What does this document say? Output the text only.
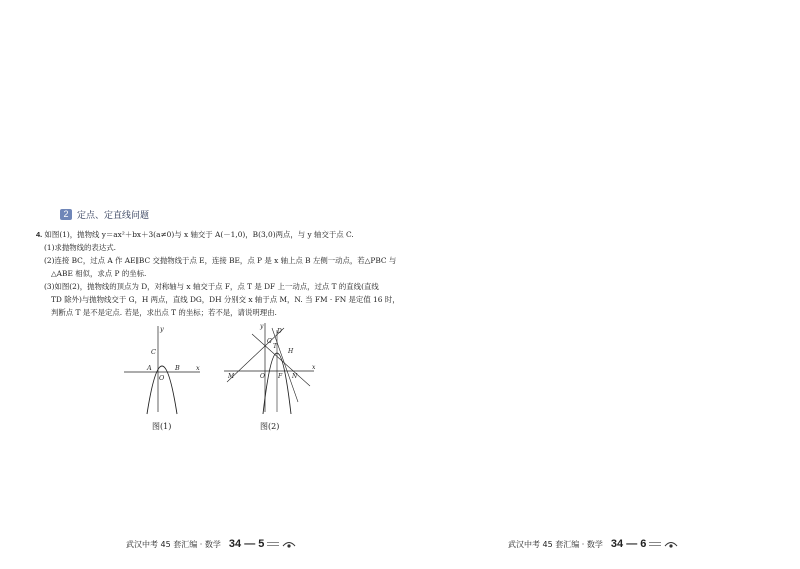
2 定点、定直线问题

4. 如图(1)，抛物线 y＝ax²＋bx＋3(a≠0)与 x 轴交于 A(－1,0)，B(3,0)两点，与 y 轴交于点 C.

(1)求抛物线的表达式.

(2)连接 BC，过点 A 作 AE∥BC 交抛物线于点 E，连接 BE，点 P 是 x 轴上点 B 左侧一动点，若△PBC 与

△ABE 相似，求点 P 的坐标.

(3)如图(2)，抛物线的顶点为 D，对称轴与 x 轴交于点 F，点 T 是 DF 上一动点，过点 T 的直线(直线

TD 除外)与抛物线交于 G，H 两点，直线 DG，DH 分别交 x 轴于点 M，N. 当 FM · FN 是定值 16 时，

判断点 T 是不是定点. 若是，求出点 T 的坐标；若不是，请说明理由.

y
x
C
A
O
B
图(1)
y
x
D
G
T
H
M	O F N
图(2)
武汉中考 45 套汇编 · 数学 34 — 5	武汉中考 45 套汇编 · 数学 34 — 6
